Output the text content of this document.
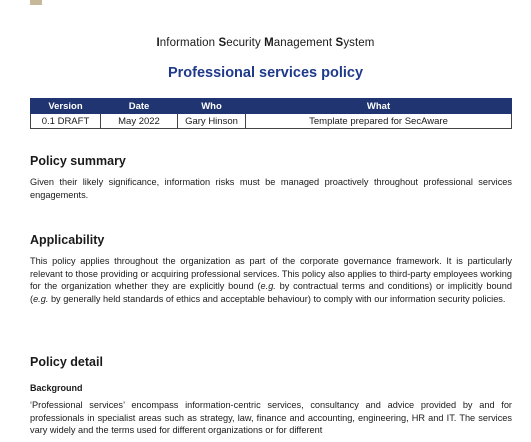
Information Security Management System
Professional services policy
Version	Date	Who	What
0.1 DRAFT	May 2022	Gary Hinson	Template prepared for SecAware
Policy summary

Given their likely significance, information risks must be managed proactively throughout professional services engagements.

Applicability

This policy applies throughout the organization as part of the corporate governance framework. It is particularly relevant to those providing or acquiring professional services. This policy also applies to third-party employees working for the organization whether they are explicitly bound (e.g. by contractual terms and conditions) or implicitly bound (e.g. by generally held standards of ethics and acceptable behaviour) to comply with our information security policies.

Policy detail
Background

‘Professional services’ encompass information-centric services, consultancy and advice provided by and for professionals in specialist areas such as strategy, law, finance and accounting, engineering, HR and IT. The services vary widely and the terms used for different organizations or for different
